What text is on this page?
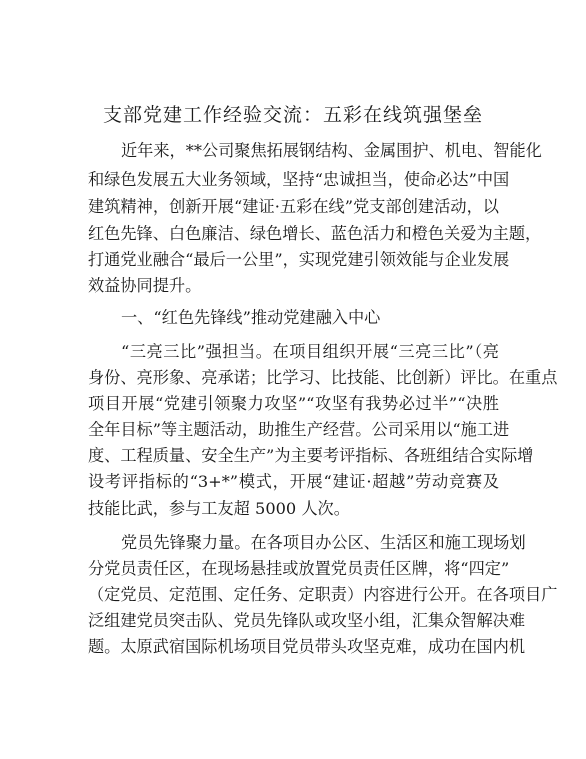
支部党建工作经验交流：五彩在线筑强堡垒
近年来，**公司聚焦拓展钢结构、金属围护、机电、智能化
和绿色发展五大业务领域，坚持“忠诚担当，使命必达”中国
建筑精神，创新开展“建证·五彩在线”党支部创建活动，以
红色先锋、白色廉洁、绿色增长、蓝色活力和橙色关爱为主题，
打通党业融合“最后一公里”，实现党建引领效能与企业发展
效益协同提升。
一、“红色先锋线”推动党建融入中心
“三亮三比”强担当。在项目组织开展“三亮三比”（亮
身份、亮形象、亮承诺；比学习、比技能、比创新）评比。在重点
项目开展“党建引领聚力攻坚”“攻坚有我势必过半”“决胜
全年目标”等主题活动，助推生产经营。公司采用以“施工进
度、工程质量、安全生产”为主要考评指标、各班组结合实际增
设考评指标的“3+*”模式，开展“建证·超越”劳动竞赛及
技能比武，参与工友超 5000 人次。
党员先锋聚力量。在各项目办公区、生活区和施工现场划
分党员责任区，在现场悬挂或放置党员责任区牌，将“四定”
（定党员、定范围、定任务、定职责）内容进行公开。在各项目广
泛组建党员突击队、党员先锋队或攻坚小组，汇集众智解决难
题。太原武宿国际机场项目党员带头攻坚克难，成功在国内机
